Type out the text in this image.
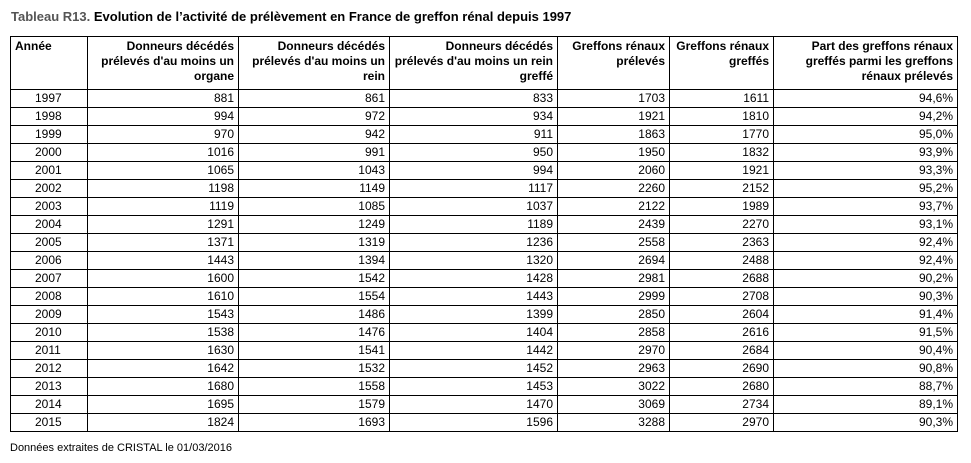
Tableau R13. Evolution de l’activité de prélèvement en France de greffon rénal depuis 1997
Année	Donneurs décédés prélevés d'au moins un organe	Donneurs décédés prélevés d'au moins un rein	Donneurs décédés prélevés d'au moins un rein greffé	Greffons rénaux prélevés	Greffons rénaux greffés	Part des greffons rénaux greffés parmi les greffons rénaux prélevés
1997	881	861	833	1703	1611	94,6%
1998	994	972	934	1921	1810	94,2%
1999	970	942	911	1863	1770	95,0%
2000	1016	991	950	1950	1832	93,9%
2001	1065	1043	994	2060	1921	93,3%
2002	1198	1149	1117	2260	2152	95,2%
2003	1119	1085	1037	2122	1989	93,7%
2004	1291	1249	1189	2439	2270	93,1%
2005	1371	1319	1236	2558	2363	92,4%
2006	1443	1394	1320	2694	2488	92,4%
2007	1600	1542	1428	2981	2688	90,2%
2008	1610	1554	1443	2999	2708	90,3%
2009	1543	1486	1399	2850	2604	91,4%
2010	1538	1476	1404	2858	2616	91,5%
2011	1630	1541	1442	2970	2684	90,4%
2012	1642	1532	1452	2963	2690	90,8%
2013	1680	1558	1453	3022	2680	88,7%
2014	1695	1579	1470	3069	2734	89,1%
2015	1824	1693	1596	3288	2970	90,3%
Données extraites de CRISTAL le 01/03/2016
